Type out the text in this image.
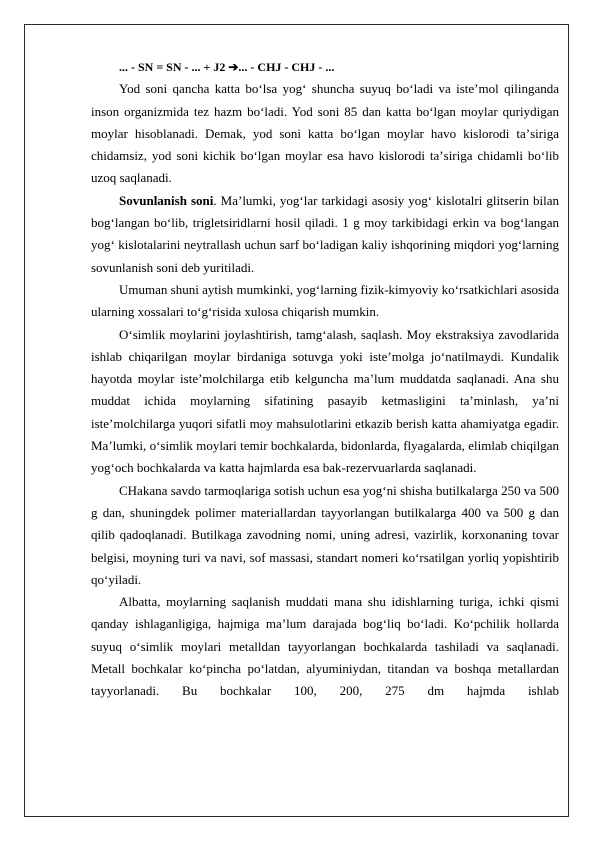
... - SN = SN - ... + J2 ➔... - CHJ - CHJ - ...

Yod soni qancha katta boʻlsa yogʻ shuncha suyuq boʻladi va isteʼmol qilinganda inson organizmida tez hazm boʻladi. Yod soni 85 dan katta boʻlgan moylar quriydigan moylar hisoblanadi. Demak, yod soni katta boʻlgan moylar havo kislorodi taʼsiriga chidamsiz, yod soni kichik boʻlgan moylar esa havo kislorodi taʼsiriga chidamli boʻlib uzoq saqlanadi.

Sovunlanish soni. Maʼlumki, yogʻlar tarkidagi asosiy yogʻ kislotalri glitserin bilan bogʻlangan boʻlib, trigletsiridlarni hosil qiladi. 1 g moy tarkibidagi erkin va bogʻlangan yogʻ kislotalarini neytrallash uchun sarf boʻladigan kaliy ishqorining miqdori yogʻlarning sovunlanish soni deb yuritiladi.

Umuman shuni aytish mumkinki, yogʻlarning fizik-kimyoviy koʻrsatkichlari asosida ularning xossalari toʻgʻrisida xulosa chiqarish mumkin.

Oʻsimlik moylarini joylashtirish, tamgʻalash, saqlash. Moy ekstraksiya zavodlarida ishlab chiqarilgan moylar birdaniga sotuvga yoki isteʼmolga joʻnatilmaydi. Kundalik hayotda moylar isteʼmolchilarga etib kelguncha maʼlum muddatda saqlanadi. Ana shu muddat ichida moylarning sifatining pasayib ketmasligini taʼminlash, yaʼni isteʼmolchilarga yuqori sifatli moy mahsulotlarini etkazib berish katta ahamiyatga egadir. Maʼlumki, oʻsimlik moylari temir bochkalarda, bidonlarda, flyagalarda, elimlab chiqilgan yogʻoch bochkalarda va katta hajmlarda esa bak-rezervuarlarda saqlanadi.

CHakana savdo tarmoqlariga sotish uchun esa yogʻni shisha butilkalarga 250 va 500 g dan, shuningdek polimer materiallardan tayyorlangan butilkalarga 400 va 500 g dan qilib qadoqlanadi. Butilkaga zavodning nomi, uning adresi, vazirlik, korxonaning tovar belgisi, moyning turi va navi, sof massasi, standart nomeri koʻrsatilgan yorliq yopishtirib qoʻyiladi.

Albatta, moylarning saqlanish muddati mana shu idishlarning turiga, ichki qismi qanday ishlaganligiga, hajmiga maʼlum darajada bogʻliq boʻladi. Koʻpchilik hollarda suyuq oʻsimlik moylari metalldan tayyorlangan bochkalarda tashiladi va saqlanadi. Metall bochkalar koʻpincha poʻlatdan, alyuminiydan, titandan va boshqa metallardan tayyorlanadi. Bu bochkalar 100, 200, 275 dm hajmda ishlab
